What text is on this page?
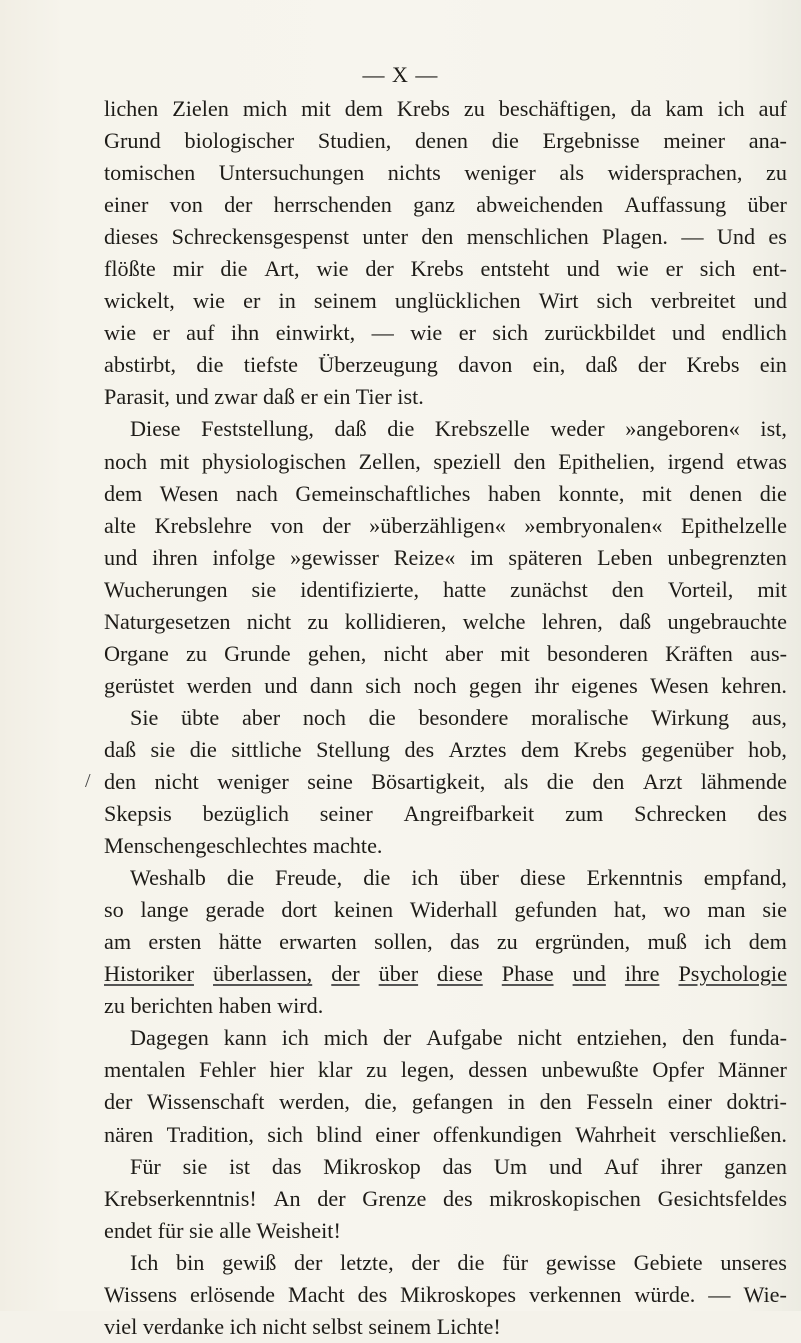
— X —
/
lichen Zielen mich mit dem Krebs zu beschäftigen, da kam ich auf
Grund biologischer Studien, denen die Ergebnisse meiner ana-
tomischen Untersuchungen nichts weniger als widersprachen, zu
einer von der herrschenden ganz abweichenden Auffassung über
dieses Schreckensgespenst unter den menschlichen Plagen. — Und es
flößte mir die Art, wie der Krebs entsteht und wie er sich ent-
wickelt, wie er in seinem unglücklichen Wirt sich verbreitet und
wie er auf ihn einwirkt, — wie er sich zurückbildet und endlich
abstirbt, die tiefste Überzeugung davon ein, daß der Krebs ein
Parasit, und zwar daß er ein Tier ist.
Diese Feststellung, daß die Krebszelle weder »angeboren« ist,
noch mit physiologischen Zellen, speziell den Epithelien, irgend etwas
dem Wesen nach Gemeinschaftliches haben konnte, mit denen die
alte Krebslehre von der »überzähligen« »embryonalen« Epithelzelle
und ihren infolge »gewisser Reize« im späteren Leben unbegrenzten
Wucherungen sie identifizierte, hatte zunächst den Vorteil, mit
Naturgesetzen nicht zu kollidieren, welche lehren, daß ungebrauchte
Organe zu Grunde gehen, nicht aber mit besonderen Kräften aus-
gerüstet werden und dann sich noch gegen ihr eigenes Wesen kehren.
Sie übte aber noch die besondere moralische Wirkung aus,
daß sie die sittliche Stellung des Arztes dem Krebs gegenüber hob,
den nicht weniger seine Bösartigkeit, als die den Arzt lähmende
Skepsis bezüglich seiner Angreifbarkeit zum Schrecken des
Menschengeschlechtes machte.
Weshalb die Freude, die ich über diese Erkenntnis empfand,
so lange gerade dort keinen Widerhall gefunden hat, wo man sie
am ersten hätte erwarten sollen, das zu ergründen, muß ich dem
Historiker überlassen, der über diese Phase und ihre Psychologie
zu berichten haben wird.
Dagegen kann ich mich der Aufgabe nicht entziehen, den funda-
mentalen Fehler hier klar zu legen, dessen unbewußte Opfer Männer
der Wissenschaft werden, die, gefangen in den Fesseln einer doktri-
nären Tradition, sich blind einer offenkundigen Wahrheit verschließen.
Für sie ist das Mikroskop das Um und Auf ihrer ganzen
Krebserkenntnis! An der Grenze des mikroskopischen Gesichtsfeldes
endet für sie alle Weisheit!
Ich bin gewiß der letzte, der die für gewisse Gebiete unseres
Wissens erlösende Macht des Mikroskopes verkennen würde. — Wie-
viel verdanke ich nicht selbst seinem Lichte!
